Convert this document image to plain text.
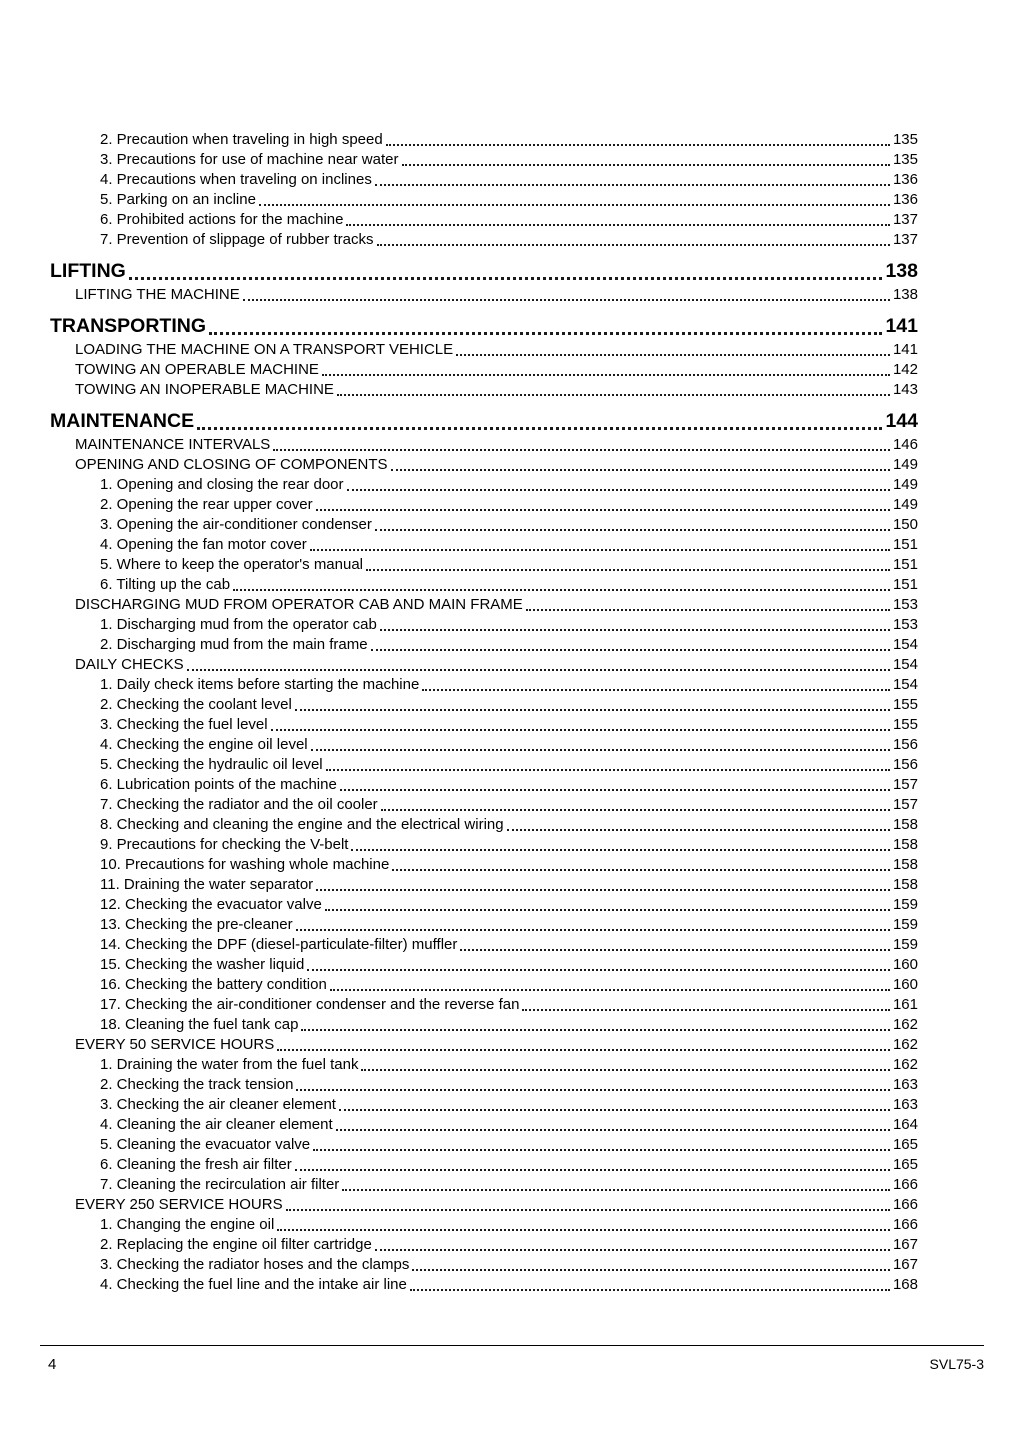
2. Precaution when traveling in high speed	135
3. Precautions for use of machine near water	135
4. Precautions when traveling on inclines	136
5. Parking on an incline	136
6. Prohibited actions for the machine	137
7. Prevention of slippage of rubber tracks	137
LIFTING	138
LIFTING THE MACHINE	138
TRANSPORTING	141
LOADING THE MACHINE ON A TRANSPORT VEHICLE	141
TOWING AN OPERABLE MACHINE	142
TOWING AN INOPERABLE MACHINE	143
MAINTENANCE	144
MAINTENANCE INTERVALS	146
OPENING AND CLOSING OF COMPONENTS	149
1. Opening and closing the rear door	149
2. Opening the rear upper cover	149
3. Opening the air-conditioner condenser	150
4. Opening the fan motor cover	151
5. Where to keep the operator's manual	151
6. Tilting up the cab	151
DISCHARGING MUD FROM OPERATOR CAB AND MAIN FRAME	153
1. Discharging mud from the operator cab	153
2. Discharging mud from the main frame	154
DAILY CHECKS	154
1. Daily check items before starting the machine	154
2. Checking the coolant level	155
3. Checking the fuel level	155
4. Checking the engine oil level	156
5. Checking the hydraulic oil level	156
6. Lubrication points of the machine	157
7. Checking the radiator and the oil cooler	157
8. Checking and cleaning the engine and the electrical wiring	158
9. Precautions for checking the V-belt	158
10. Precautions for washing whole machine	158
11. Draining the water separator	158
12. Checking the evacuator valve	159
13. Checking the pre-cleaner	159
14. Checking the DPF (diesel-particulate-filter) muffler	159
15. Checking the washer liquid	160
16. Checking the battery condition	160
17. Checking the air-conditioner condenser and the reverse fan	161
18. Cleaning the fuel tank cap	162
EVERY 50 SERVICE HOURS	162
1. Draining the water from the fuel tank	162
2. Checking the track tension	163
3. Checking the air cleaner element	163
4. Cleaning the air cleaner element	164
5. Cleaning the evacuator valve	165
6. Cleaning the fresh air filter	165
7. Cleaning the recirculation air filter	166
EVERY 250 SERVICE HOURS	166
1. Changing the engine oil	166
2. Replacing the engine oil filter cartridge	167
3. Checking the radiator hoses and the clamps	167
4. Checking the fuel line and the intake air line	168
4	SVL75-3
